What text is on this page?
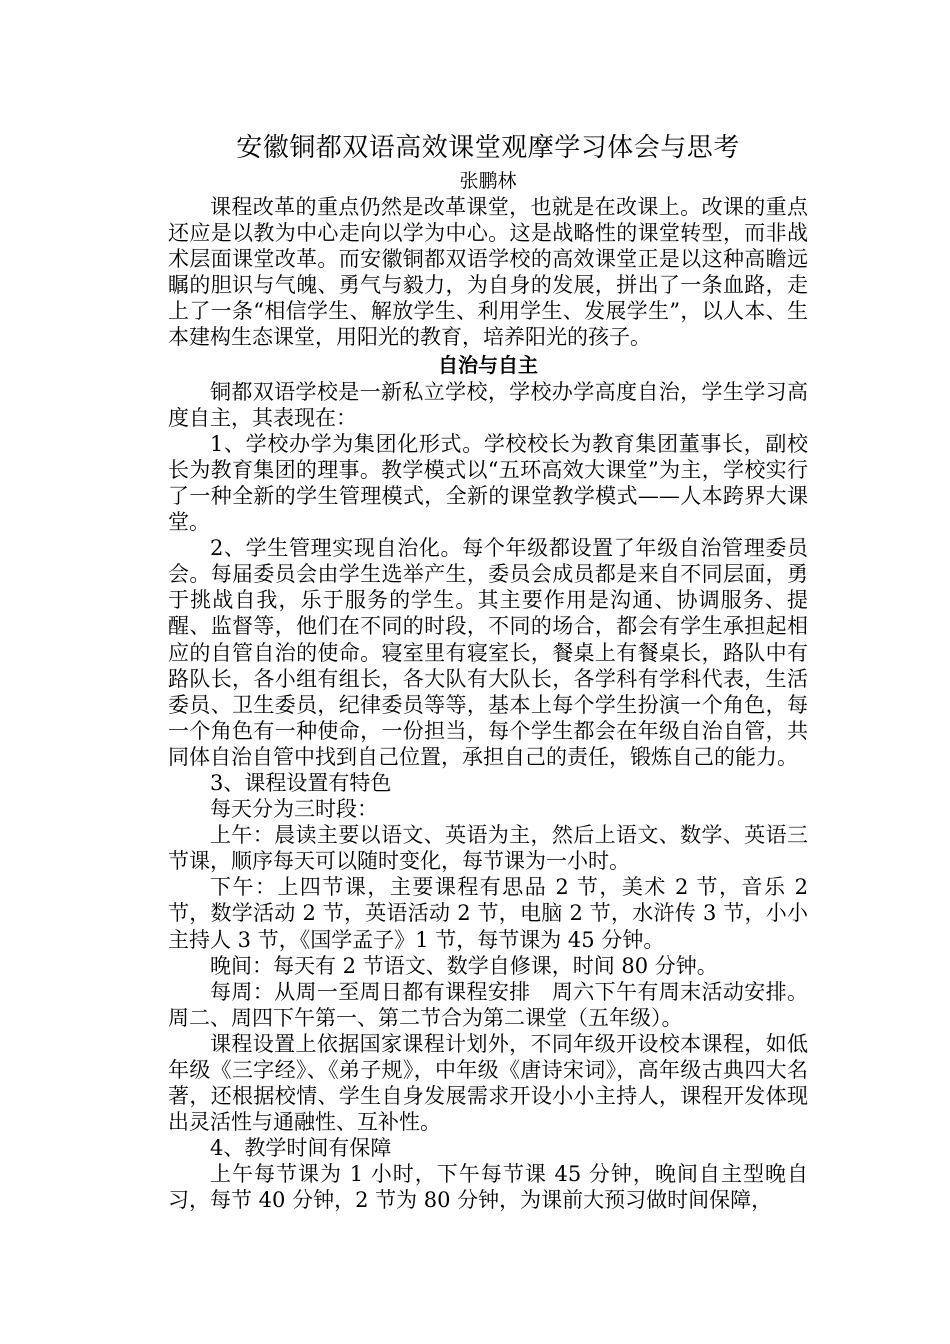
安徽铜都双语高效课堂观摩学习体会与思考
张鹏林

课程改革的重点仍然是改革课堂，也就是在改课上。改课的重点还应是以教为中心走向以学为中心。这是战略性的课堂转型，而非战术层面课堂改革。而安徽铜都双语学校的高效课堂正是以这种高瞻远瞩的胆识与气魄、勇气与毅力，为自身的发展，拼出了一条血路，走上了一条“相信学生、解放学生、利用学生、发展学生”，以人本、生本建构生态课堂，用阳光的教育，培养阳光的孩子。

自治与自主

铜都双语学校是一新私立学校，学校办学高度自治，学生学习高度自主，其表现在：

1、学校办学为集团化形式。学校校长为教育集团董事长，副校长为教育集团的理事。教学模式以“五环高效大课堂”为主，学校实行了一种全新的学生管理模式，全新的课堂教学模式——人本跨界大课堂。

2、学生管理实现自治化。每个年级都设置了年级自治管理委员会。每届委员会由学生选举产生，委员会成员都是来自不同层面，勇于挑战自我，乐于服务的学生。其主要作用是沟通、协调服务、提醒、监督等，他们在不同的时段，不同的场合，都会有学生承担起相应的自管自治的使命。寝室里有寝室长，餐桌上有餐桌长，路队中有路队长，各小组有组长，各大队有大队长，各学科有学科代表，生活委员、卫生委员，纪律委员等等，基本上每个学生扮演一个角色，每一个角色有一种使命，一份担当，每个学生都会在年级自治自管，共同体自治自管中找到自己位置，承担自己的责任，锻炼自己的能力。

3、课程设置有特色

每天分为三时段：

上午：晨读主要以语文、英语为主，然后上语文、数学、英语三节课，顺序每天可以随时变化，每节课为一小时。

下午：上四节课，主要课程有思品 2 节，美术 2 节，音乐 2 节，数学活动 2 节，英语活动 2 节，电脑 2 节，水浒传 3 节，小小主持人 3 节，《国学孟子》1 节，每节课为 45 分钟。

晚间：每天有 2 节语文、数学自修课，时间 80 分钟。

每周：从周一至周日都有课程安排　周六下午有周末活动安排。周二、周四下午第一、第二节合为第二课堂（五年级）。

课程设置上依据国家课程计划外，不同年级开设校本课程，如低年级《三字经》、《弟子规》，中年级《唐诗宋词》，高年级古典四大名著，还根据校情、学生自身发展需求开设小小主持人，课程开发体现出灵活性与通融性、互补性。

4、教学时间有保障

上午每节课为 1 小时，下午每节课 45 分钟，晚间自主型晚自习，每节 40 分钟，2 节为 80 分钟，为课前大预习做时间保障，
